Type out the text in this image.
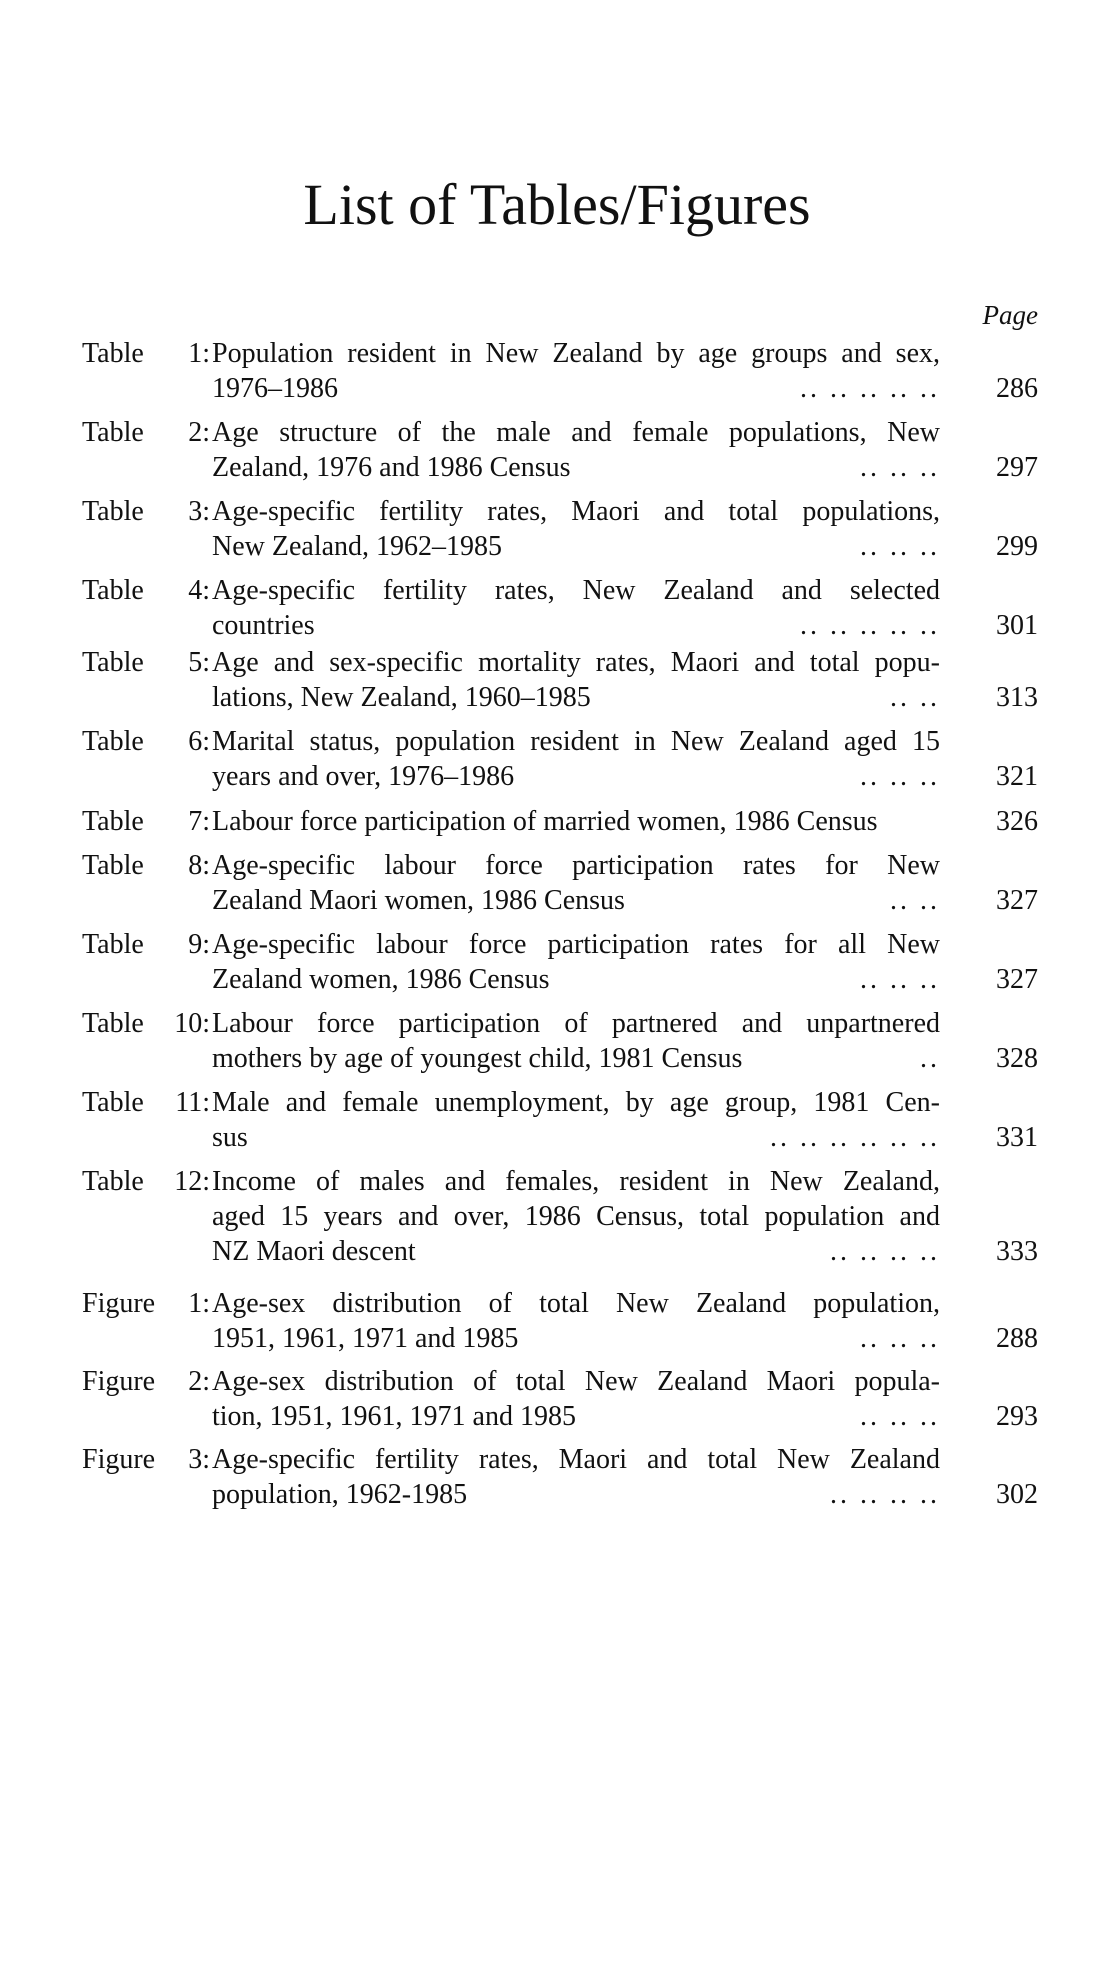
List of Tables/Figures
Page
Table 1: Population resident in New Zealand by age groups and sex,
1976–1986	.. .. .. .. .. 286
Table 2: Age structure of the male and female populations, New
Zealand, 1976 and 1986 Census	.. .. .. 297
Table 3: Age-specific fertility rates, Maori and total populations,
New Zealand, 1962–1985	.. .. .. 299
Table 4: Age-specific fertility rates, New Zealand and selected
countries	.. .. .. .. .. 301
Table 5: Age and sex-specific mortality rates, Maori and total popu-
lations, New Zealand, 1960–1985	.. .. 313
Table 6: Marital status, population resident in New Zealand aged 15
years and over, 1976–1986	.. .. .. 321
Table 7: Labour force participation of married women, 1986 Census	326
Table 8: Age-specific labour force participation rates for New
Zealand Maori women, 1986 Census	.. .. 327
Table 9: Age-specific labour force participation rates for all New
Zealand women, 1986 Census	.. .. .. 327
Table 10: Labour force participation of partnered and unpartnered
mothers by age of youngest child, 1981 Census	.. 328
Table 11: Male and female unemployment, by age group, 1981 Cen-
sus	.. .. .. .. .. .. 331
Table 12: Income of males and females, resident in New Zealand,
aged 15 years and over, 1986 Census, total population and
NZ Maori descent	.. .. .. .. 333
Figure 1: Age-sex distribution of total New Zealand population,
1951, 1961, 1971 and 1985	.. .. .. 288
Figure 2: Age-sex distribution of total New Zealand Maori popula-
tion, 1951, 1961, 1971 and 1985	.. .. .. 293
Figure 3: Age-specific fertility rates, Maori and total New Zealand
population, 1962-1985	.. .. .. .. 302
